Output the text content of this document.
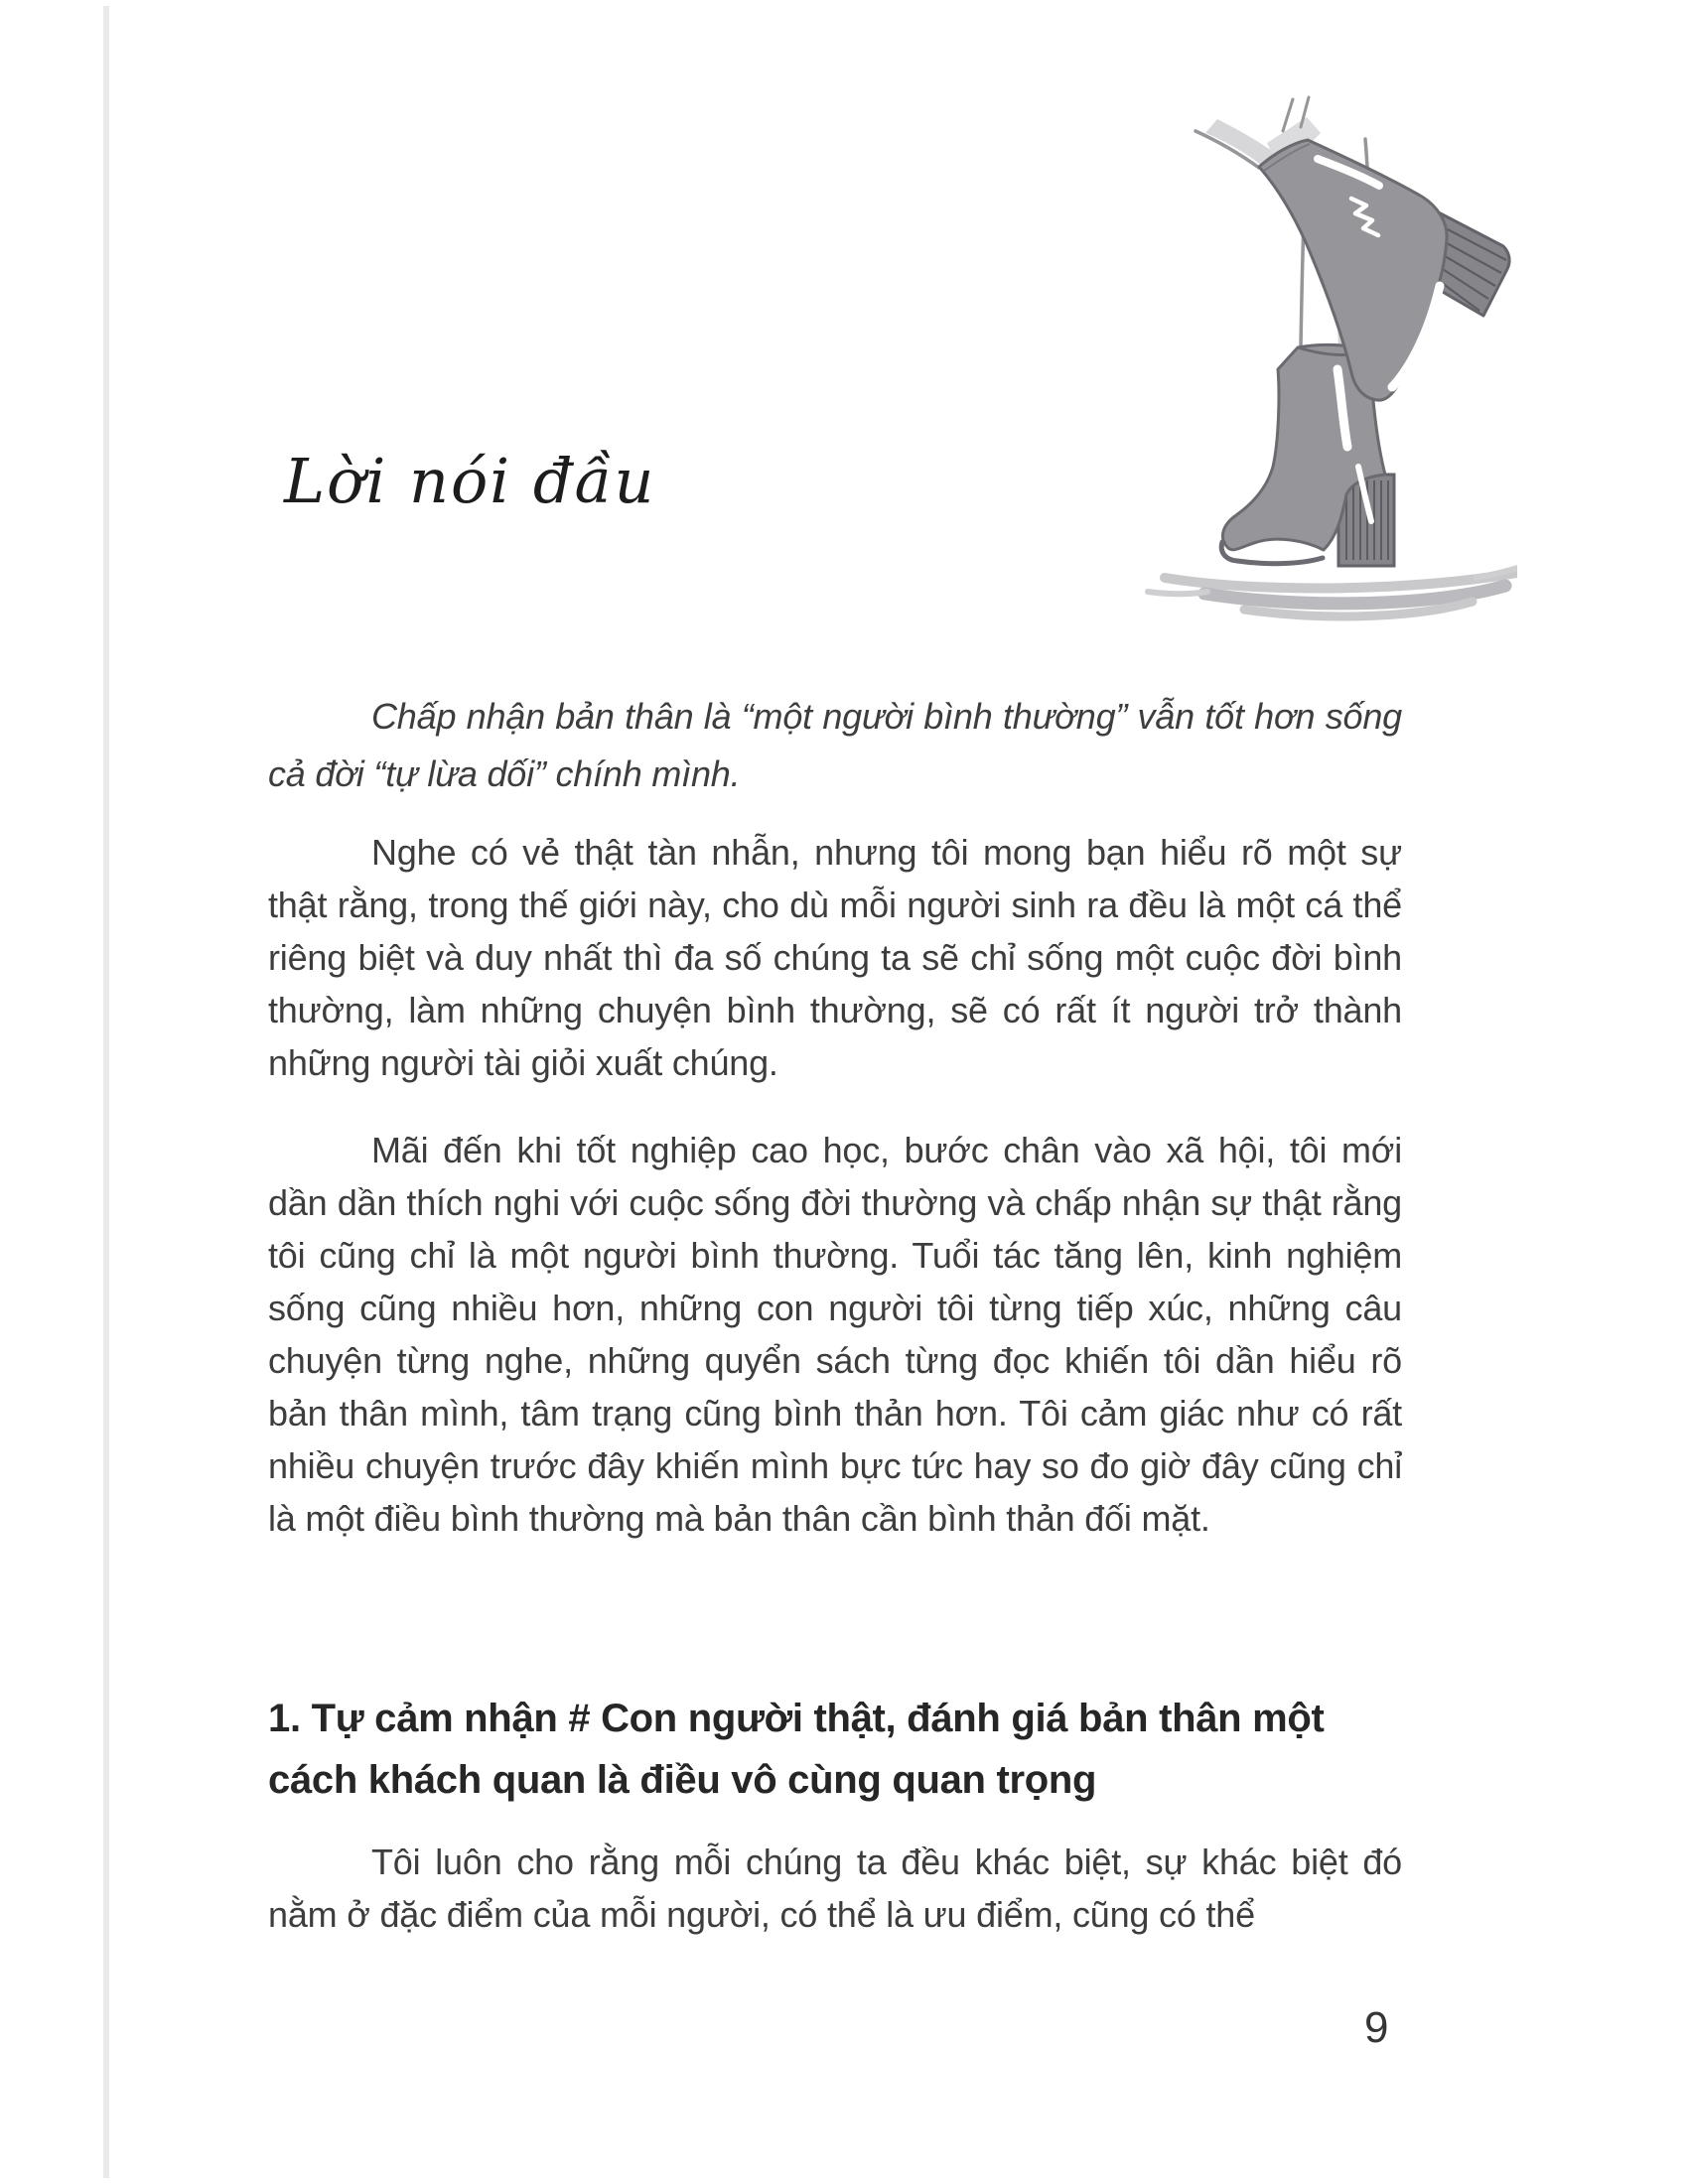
Lời nói đầu
Chấp nhận bản thân là “một người bình thường” vẫn tốt hơn sống cả đời “tự lừa dối” chính mình.
Nghe có vẻ thật tàn nhẫn, nhưng tôi mong bạn hiểu rõ một sự thật rằng, trong thế giới này, cho dù mỗi người sinh ra đều là một cá thể riêng biệt và duy nhất thì đa số chúng ta sẽ chỉ sống một cuộc đời bình thường, làm những chuyện bình thường, sẽ có rất ít người trở thành những người tài giỏi xuất chúng.
Mãi đến khi tốt nghiệp cao học, bước chân vào xã hội, tôi mới dần dần thích nghi với cuộc sống đời thường và chấp nhận sự thật rằng tôi cũng chỉ là một người bình thường. Tuổi tác tăng lên, kinh nghiệm sống cũng nhiều hơn, những con người tôi từng tiếp xúc, những câu chuyện từng nghe, những quyển sách từng đọc khiến tôi dần hiểu rõ bản thân mình, tâm trạng cũng bình thản hơn. Tôi cảm giác như có rất nhiều chuyện trước đây khiến mình bực tức hay so đo giờ đây cũng chỉ là một điều bình thường mà bản thân cần bình thản đối mặt.
1. Tự cảm nhận # Con người thật, đánh giá bản thân một cách khách quan là điều vô cùng quan trọng
Tôi luôn cho rằng mỗi chúng ta đều khác biệt, sự khác biệt đó nằm ở đặc điểm của mỗi người, có thể là ưu điểm, cũng có thể
9
